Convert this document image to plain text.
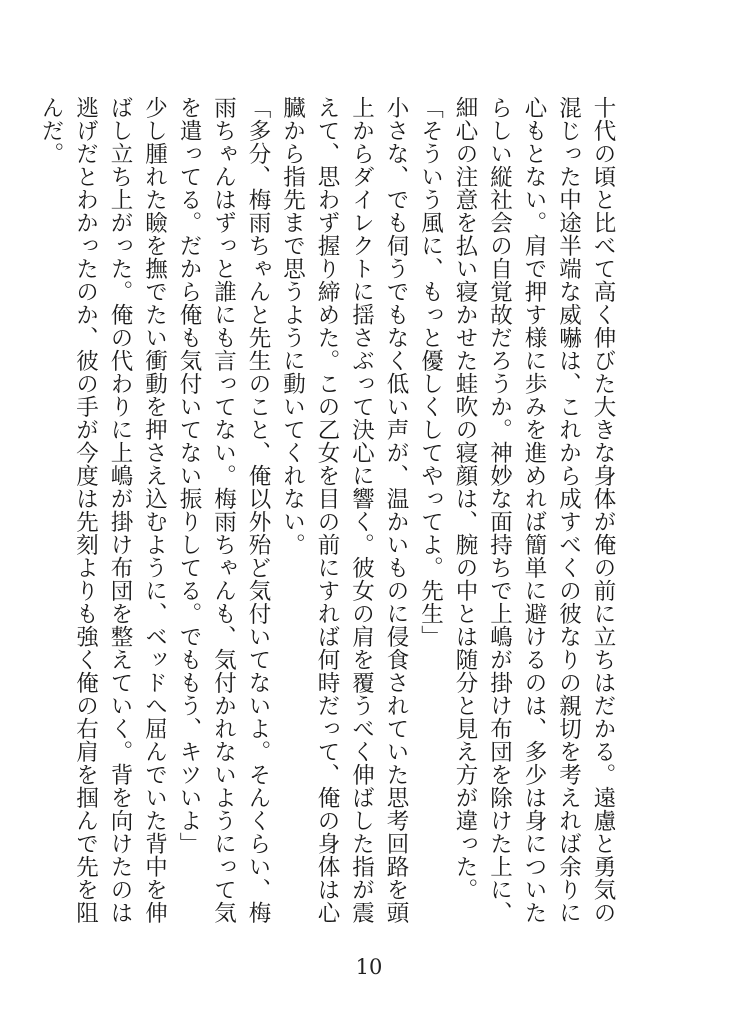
十代の頃と比べて高く伸びた大きな身体が俺の前に立ちはだかる。遠慮と勇気の混じった中途半端な威嚇は、これから成すべくの彼なりの親切を考えれば余りに心もとない。肩で押す様に歩みを進めれば簡単に避けるのは、多少は身についたらしい縦社会の自覚故だろうか。神妙な面持ちで上嶋が掛け布団を除けた上に、細心の注意を払い寝かせた蛙吹の寝顔は、腕の中とは随分と見え方が違った。

「そういう風に、もっと優しくしてやってよ。先生」

小さな、でも伺うでもなく低い声が、温かいものに侵食されていた思考回路を頭上からダイレクトに揺さぶって決心に響く。彼女の肩を覆うべく伸ばした指が震えて、思わず握り締めた。この乙女を目の前にすれば何時だって、俺の身体は心臓から指先まで思うように動いてくれない。

「多分、梅雨ちゃんと先生のこと、俺以外殆ど気付いてないよ。そんくらい、梅雨ちゃんはずっと誰にも言ってない。梅雨ちゃんも、気付かれないようにって気を遣ってる。だから俺も気付いてない振りしてる。でももう、キツいよ」

少し腫れた瞼を撫でたい衝動を押さえ込むように、ベッドへ屈んでいた背中を伸ばし立ち上がった。俺の代わりに上嶋が掛け布団を整えていく。背を向けたのは逃げだとわかったのか、彼の手が今度は先刻よりも強く俺の右肩を掴んで先を阻んだ。

10
